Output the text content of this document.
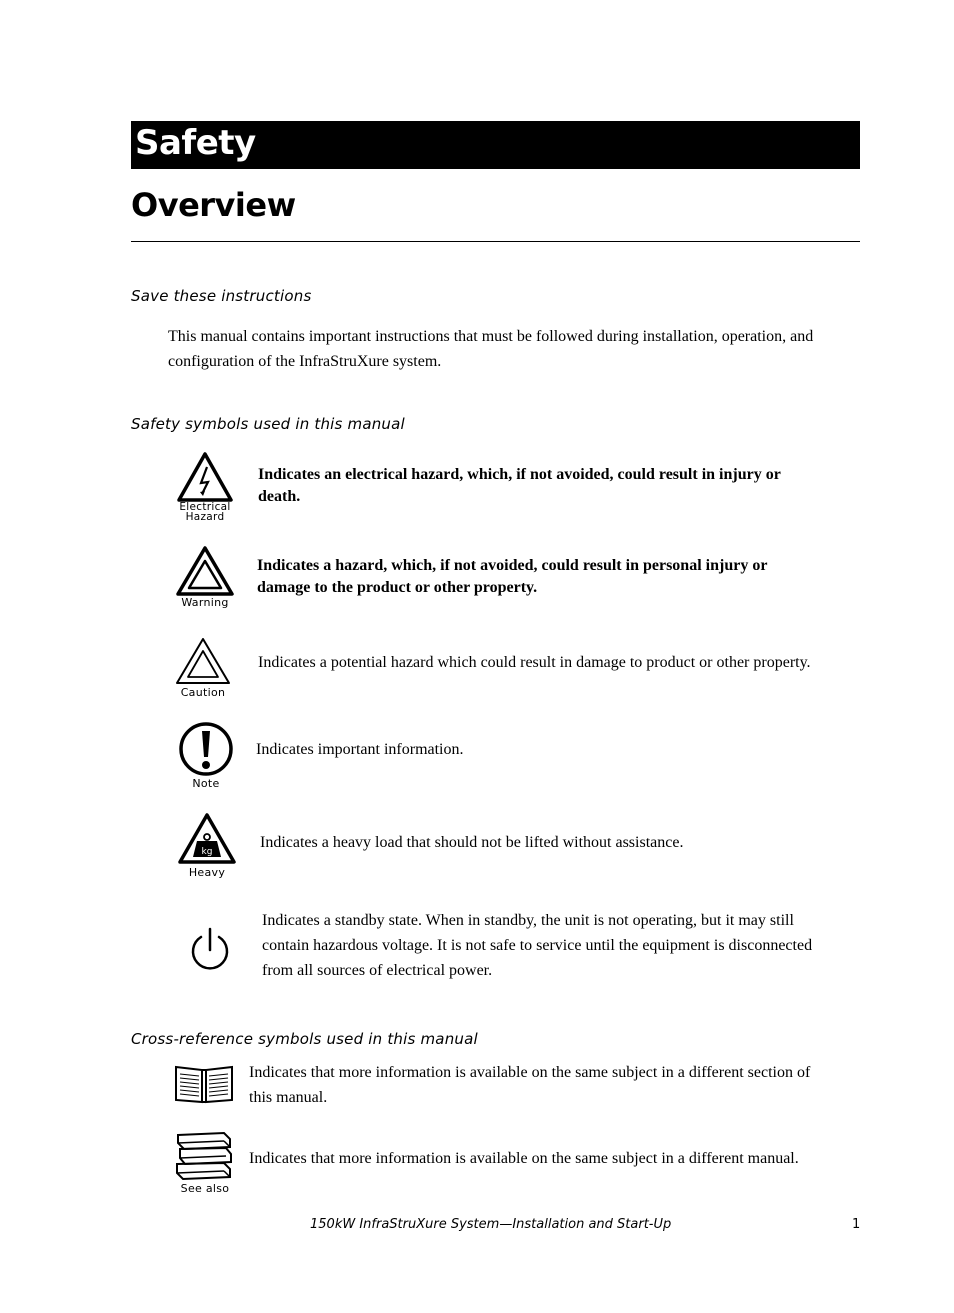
Safety
Overview
Save these instructions
This manual contains important instructions that must be followed during installation, operation, and
configuration of the InfraStruXure system.
Safety symbols used in this manual
Electrical
Hazard
Indicates an electrical hazard, which, if not avoided, could result in injury or
death.
Warning
Indicates a hazard, which, if not avoided, could result in personal injury or
damage to the product or other property.
Caution
Indicates a potential hazard which could result in damage to product or other property.
Note
Indicates important information.
kg
Heavy
Indicates a heavy load that should not be lifted without assistance.
Indicates a standby state. When in standby, the unit is not operating, but it may still
contain hazardous voltage. It is not safe to service until the equipment is disconnected
from all sources of electrical power.
Cross-reference symbols used in this manual
Indicates that more information is available on the same subject in a different section of
this manual.
See also
Indicates that more information is available on the same subject in a different manual.
150kW InfraStruXure System—Installation and Start-Up	1
